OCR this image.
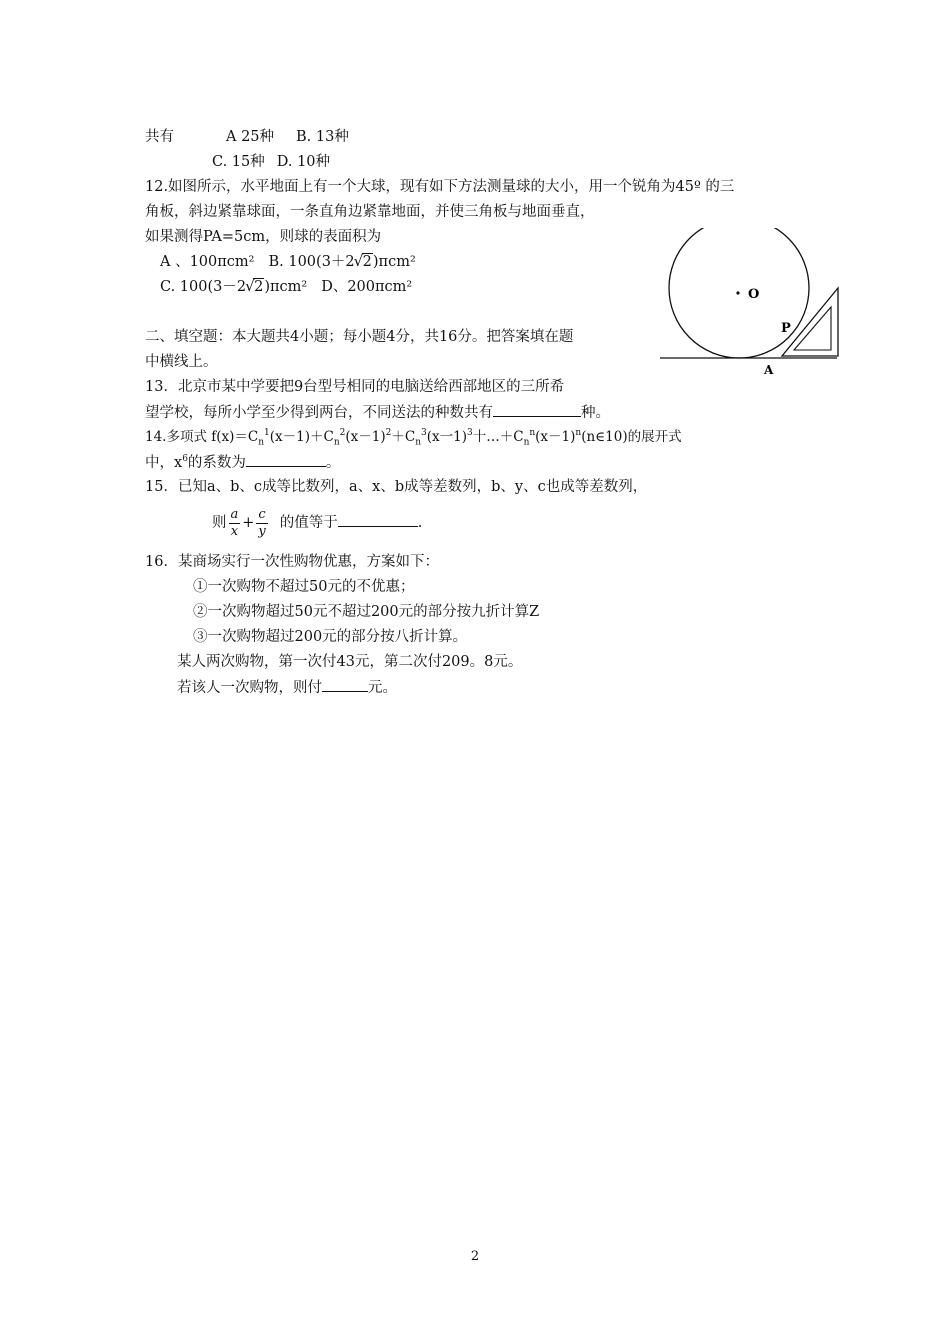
共有	A 25种 B. 13种
C. 15种 D. 10种
12.如图所示，水平地面上有一个大球，现有如下方法测量球的大小，用一个锐角为45º 的三
角板，斜边紧靠球面，一条直角边紧靠地面，并使三角板与地面垂直，
如果测得PA=5cm，则球的表面积为
A 、100πcm² B. 100(3＋2 √ 2)πcm²
C. 100(3－2 √ 2)πcm² D、200πcm²	O
P
A
二、填空题：本大题共4小题；每小题4分，共16分。把答案填在题
中横线上。
13．北京市某中学要把9台型号相同的电脑送给西部地区的三所希
望学校，每所小学至少得到两台，不同送法的种数共有	种。
14.多项式 $f(x)=C_n^1(x-1)+C_n^2(x-1)^2+C_n^3(x$一1)$^3$十$\dots+C_n^n(x-1)^n(n\in 10)$的展开式
中，$x^6$的系数为	。
15．已知a、b、c成等比数列，a、x、b成等差数列，b、y、c也成等差数列，
则 $\frac{a}{x} + \frac{c}{y}$ 的值等于	.
16．某商场实行一次性购物优惠，方案如下：
①一次购物不超过50元的不优惠；
②一次购物超过50元不超过200元的部分按九折计算Z
③一次购物超过200元的部分按八折计算。
某人两次购物，第一次付43元，第二次付209。8元。
若该人一次购物，则付	元。
2
